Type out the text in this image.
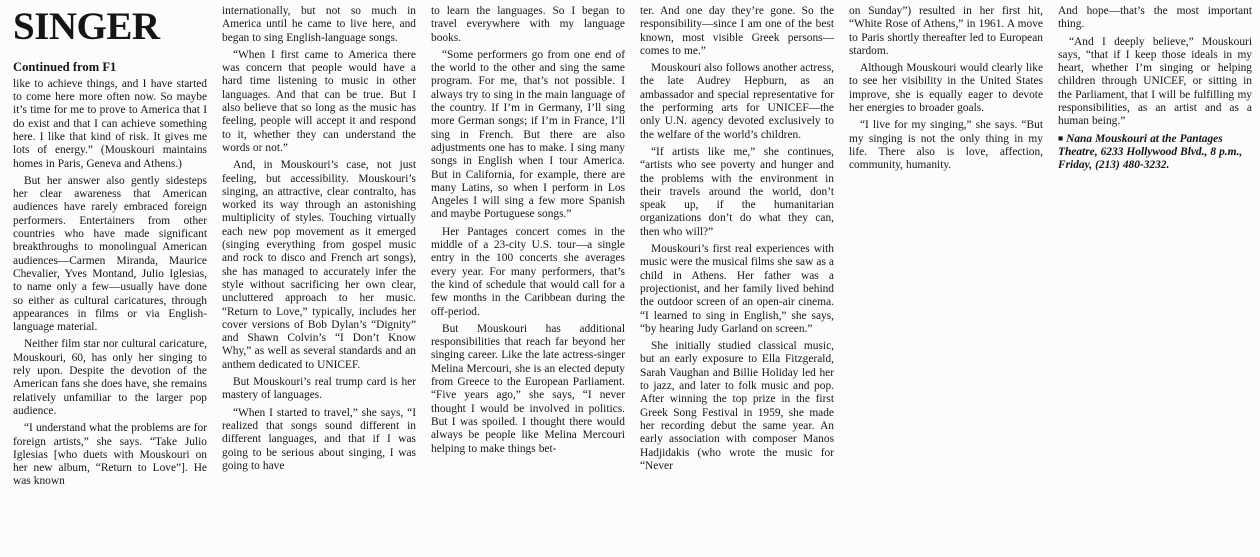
SINGER
Continued from F1

like to achieve things, and I have started to come here more often now. So maybe it’s time for me to prove to America that I do exist and that I can achieve something here. I like that kind of risk. It gives me lots of energy.” (Mouskouri maintains homes in Paris, Geneva and Athens.)

But her answer also gently sidesteps her clear awareness that American audiences have rarely embraced foreign performers. Entertainers from other countries who have made significant breakthroughs to monolingual American audiences—Carmen Miranda, Maurice Chevalier, Yves Montand, Julio Iglesias, to name only a few—usually have done so either as cultural caricatures, through appearances in films or via English-language material.

Neither film star nor cultural caricature, Mouskouri, 60, has only her singing to rely upon. Despite the devotion of the American fans she does have, she remains relatively unfamiliar to the larger pop audience.

“I understand what the problems are for foreign artists,” she says. “Take Julio Iglesias [who duets with Mouskouri on her new album, “Return to Love”]. He was known

internationally, but not so much in America until he came to live here, and began to sing English-language songs.

“When I first came to America there was concern that people would have a hard time listening to music in other languages. And that can be true. But I also believe that so long as the music has feeling, people will accept it and respond to it, whether they can understand the words or not.”

And, in Mouskouri’s case, not just feeling, but accessibility. Mouskouri’s singing, an attractive, clear contralto, has worked its way through an astonishing multiplicity of styles. Touching virtually each new pop movement as it emerged (singing everything from gospel music and rock to disco and French art songs), she has managed to accurately infer the style without sacrificing her own clear, uncluttered approach to her music. “Return to Love,” typically, includes her cover versions of Bob Dylan’s “Dignity” and Shawn Colvin’s “I Don’t Know Why,” as well as several standards and an anthem dedicated to UNICEF.

But Mouskouri’s real trump card is her mastery of languages.

“When I started to travel,” she says, “I realized that songs sound different in different languages, and that if I was going to be serious about singing, I was going to have

to learn the languages. So I began to travel everywhere with my language books.

“Some performers go from one end of the world to the other and sing the same program. For me, that’s not possible. I always try to sing in the main language of the country. If I’m in Germany, I’ll sing more German songs; if I’m in France, I’ll sing in French. But there are also adjustments one has to make. I sing many songs in English when I tour America. But in California, for example, there are many Latins, so when I perform in Los Angeles I will sing a few more Spanish and maybe Portuguese songs.”

Her Pantages concert comes in the middle of a 23-city U.S. tour—a single entry in the 100 concerts she averages every year. For many performers, that’s the kind of schedule that would call for a few months in the Caribbean during the off-period.

But Mouskouri has additional responsibilities that reach far beyond her singing career. Like the late actress-singer Melina Mercouri, she is an elected deputy from Greece to the European Parliament. “Five years ago,” she says, “I never thought I would be involved in politics. But I was spoiled. I thought there would always be people like Melina Mercouri helping to make things bet-

ter. And one day they’re gone. So the responsibility—since I am one of the best known, most visible Greek persons—comes to me.”

Mouskouri also follows another actress, the late Audrey Hepburn, as an ambassador and special representative for the performing arts for UNICEF—the only U.N. agency devoted exclusively to the welfare of the world’s children.

“If artists like me,” she continues, “artists who see poverty and hunger and the problems with the environment in their travels around the world, don’t speak up, if the humanitarian organizations don’t do what they can, then who will?”

Mouskouri’s first real experiences with music were the musical films she saw as a child in Athens. Her father was a projectionist, and her family lived behind the outdoor screen of an open-air cinema. “I learned to sing in English,” she says, “by hearing Judy Garland on screen.”

She initially studied classical music, but an early exposure to Ella Fitzgerald, Sarah Vaughan and Billie Holiday led her to jazz, and later to folk music and pop. After winning the top prize in the first Greek Song Festival in 1959, she made her recording debut the same year. An early association with composer Manos Hadjidakis (who wrote the music for “Never

on Sunday”) resulted in her first hit, “White Rose of Athens,” in 1961. A move to Paris shortly thereafter led to European stardom.

Although Mouskouri would clearly like to see her visibility in the United States improve, she is equally eager to devote her energies to broader goals.

“I live for my singing,” she says. “But my singing is not the only thing in my life. There also is love, affection, community, humanity.

And hope—that’s the most important thing.

“And I deeply believe,” Mouskouri says, “that if I keep those ideals in my heart, whether I’m singing or helping children through UNICEF, or sitting in the Parliament, that I will be fulfilling my responsibilities, as an artist and as a human being.”

■ Nana Mouskouri at the Pantages Theatre, 6233 Hollywood Blvd., 8 p.m., Friday, (213) 480-3232.
